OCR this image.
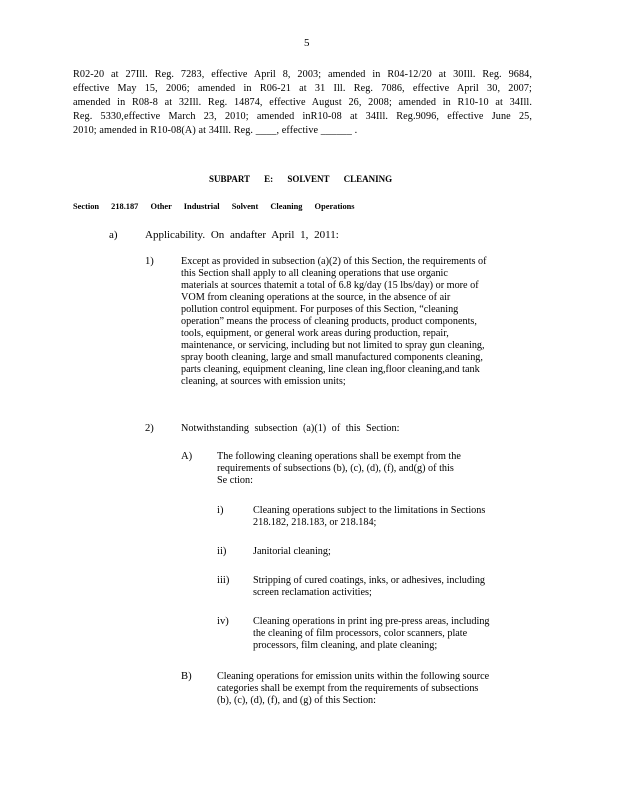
5
R02-20 at 27Ill. Reg. 7283, effective April 8, 2003; amended in R04-12/20 at 30Ill. Reg. 9684,
effective May 15, 2006; amended in R06-21 at 31 Ill. Reg. 7086, effective April 30, 2007;
amended in R08-8 at 32Ill. Reg. 14874, effective August 26, 2008; amended in R10-10 at 34Ill.
Reg. 5330,effective March 23, 2010; amended inR10-08 at 34Ill. Reg.9096, effective June 25,
2010; amended in R10-08(A) at 34Ill. Reg. ____, effective ______ .
SUBPART E: SOLVENT CLEANING
Section 218.187 Other Industrial Solvent Cleaning Operations
a) Applicability. On andafter April 1, 2011:
1)	Except as provided in subsection (a)(2) of this Section, the requirements of

this Section shall apply to all cleaning operations that use organic

materials at sources thatemit a total of 6.8 kg/day (15 lbs/day) or more of

VOM from cleaning operations at the source, in the absence of air

pollution control equipment. For purposes of this Section, “cleaning

operation” means the process of cleaning products, product components,

tools, equipment, or general work areas during production, repair,

maintenance, or servicing, including but not limited to spray gun cleaning,

spray booth cleaning, large and small manufactured components cleaning,

parts cleaning, equipment cleaning, line clean ing,floor cleaning,and tank

cleaning, at sources with emission units;

2)	Notwithstanding subsection (a)(1) of this Section:
A) The following cleaning operations shall be exempt from the

requirements of subsections (b), (c), (d), (f), and(g) of this

Se ction:

i)	Cleaning operations subject to the limitations in Sections

218.182, 218.183, or 218.184;

ii)	Janitorial cleaning;

iii) Stripping of cured coatings, inks, or adhesives, including

screen reclamation activities;

iv) Cleaning operations in print ing pre-press areas, including

the cleaning of film processors, color scanners, plate

processors, film cleaning, and plate cleaning;

B) Cleaning operations for emission units within the following source

categories shall be exempt from the requirements of subsections

(b), (c), (d), (f), and (g) of this Section:
